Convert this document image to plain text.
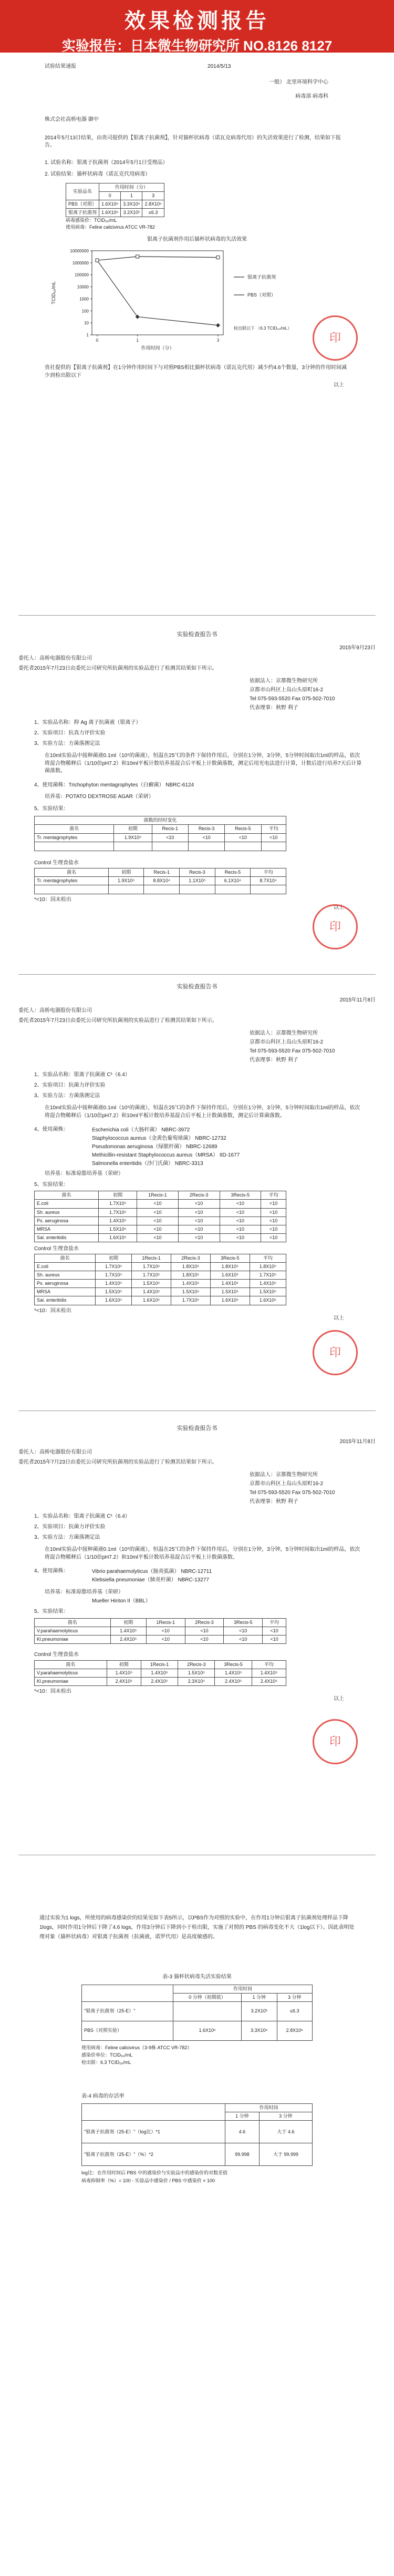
效果检测报告
实验报告：日本微生物研究所 NO.8126 8127
试验结果速报	2014/5/13
一般） 北里环境科学中心
病毒部 病毒科

株式会社高桥电器 御中

2014年5月13日结果，由贵司提供的【银离子抗菌剂】，针对猫杯状病毒（诺瓦克病毒代用）的失活效果进行了检测，结果如下报告。

1. 试验名称：银离子抗菌剂（2014年5月1日受理品）

2. 试验结果：猫杯状病毒（诺瓦克代用病毒）

实验品名	作用时间（分）		
	0	1	3
PBS（对照）	1.6X10⁶	3.3X10⁶	2.8X10⁶
银离子抗菌剂	1.6X10⁶	3.2X10¹	≤6.3

病毒感染价：TCID₅₀/mL

使用病毒：Feline calicivirus ATCC VR-782

银离子抗菌剂作用后猫杯状病毒的失活效果

1
10
100
1000
10000
100000
1000000
10000000
0	1	3
作用时间（分）
TCID₅₀/mL
银离子抗菌剂
PBS（对照）
检出限以下 （6.3 TCID₅₀/mL）

贵社提供的【银离子抗菌剂】在1分钟作用时间下与对照PBS相比猫杯状病毒（诺瓦克代用）减少约4.6个数量，3分钟的作用时间减少到检出限以下

以上

印

实验检查报告书

2015年9月23日

委托人：高桥电器股份有限公司

委托者2015年7月23日由委托公司研究所抗菌剂的实验品进行了检测其结果如下所示。

依据法人：京都微生物研究所

京都市山科区上岛山头原町16-2

Tel 075-593-5520 Fax 075-502-7010

代表理事：秋野 利子

1、实验品名称：抑 Ag 离子抗菌液（银离子）

2、实验项目：抗真力评价实验

3、实验方法：方菌落测定法

在10ml实验品中接种菌液0.1ml（10⁵的菌液），恒温在25℃的条件下保持作用后，分别在1分钟，3分钟，5分钟时间取出1ml的样品，依次将混合物稀释后（1/10倍pH7.2）和10ml平板计数培养基混合后平板上计数菌落数，测定后用光电法进行计算，计数后进行培养7天后计算菌落数。

4、使用菌株：Trichophyton mentagrophytes（白癣菌） NBRC-6124

培养基：POTATO DEXTROSE AGAR（荣研）

5、实验结果：

菌数的经时变化					
菌名	初期	Recis-1	Recis-3	Recis-5	平均
Tr. mentagrophytes	1.9X10⁵	<10	<10	<10	<10

Control 生理食盐水

菌名	初期	Recis-1	Recis-3	Recis-5	平均
Tr. mentagrophytes	1.9X10⁵	8.8X10⁴	1.1X10⁵	6.1X10⁴	8.7X10⁴

*<10：因未检出

以上

印

实验检查报告书

2015年11月8日

委托人：高桥电器股份有限公司

委托者2015年7月23日由委托公司研究所抗菌剂的实验品进行了检测其结果如下所示。

依据法人：京都微生物研究所

京都市山科区上岛山头原町16-2

Tel 075-593-5520 Fax 075-502-7010

代表理事：秋野 利子

1、实验品名称：银离子抗菌液 C¹（6.4）

2、实验项目：抗菌力评价实验

3、实验方法：方菌落测定法

在10ml实验品中接种菌液0.1ml（10⁵的菌液），恒温在25℃的条件下保持作用后，分别在1分钟，3分钟，5分钟时间取出1ml的样品，依次将混合物稀释后（1/10倍pH7.2）和10ml平板计数培养基混合后平板上计数菌落数，测定后计算菌落数。

4、使用菌株：	Escherichia coli（大肠杆菌） NBRC-3972

Staphylococcus aureus（金黄色葡萄球菌） NBRC-12732

Pseudomonas aeruginosa（绿脓杆菌） NBRC-12689

Methicillin-resistant Staphylococcus aureus（MRSA） IID-1677

Salmonella enteritidis（沙门氏菌） NBRC-3313

培养基：标准琼脂培养基（荣研）

5、实验结果：

菌名	初期	1Recis-1	2Recis-3	3Recis-5	平均
E.coli	1.7X10⁵	<10	<10	<10	<10
Sh. aureus	1.7X10⁵	<10	<10	<10	<10
Ps. aeruginosa	1.4X10⁵	<10	<10	<10	<10
MRSA	1.5X10⁵	<10	<10	<10	<10
Sal. enteritidis	1.6X10⁵	<10	<10	<10	<10

Control 生理食盐水

菌名	初期	1Recis-1	2Recis-3	3Recis-5	平均
E.coli	1.7X10⁵	1.7X10⁵	1.8X10⁵	1.8X10⁵	1.8X10⁵
Sh. aureus	1.7X10⁵	1.7X10⁵	1.8X10⁵	1.6X10⁵	1.7X10⁵
Ps. aeruginosa	1.4X10⁵	1.5X10⁵	1.4X10⁵	1.4X10⁵	1.4X10⁵
MRSA	1.5X10⁵	1.4X10⁵	1.5X10⁵	1.5X10⁵	1.5X10⁵
Sal. enteritidis	1.6X10⁵	1.6X10⁵	1.7X10⁵	1.6X10⁵	1.6X10⁵

*<10：因未检出

以上

印

实验检查报告书

2015年11月8日

委托人：高桥电器股份有限公司

委托者2015年7月23日由委托公司研究所抗菌剂的实验品进行了检测其结果如下所示。

依据法人：京都微生物研究所

京都市山科区上岛山头原町16-2

Tel 075-593-5520 Fax 075-502-7010

代表理事：秋野 利子

1、实验品名称：银离子抗菌液 C¹（6.4）

2、实验项目：抗菌力评价实验

3、实验方法：方菌落测定法

在10ml实验品中接种菌液0.1ml（10⁵的菌液），恒温在25℃的条件下保持作用后，分别在1分钟，3分钟，5分钟时间取出1ml的样品，依次将混合物稀释后（1/10倍pH7.2）和10ml平板计数培养基混合后平板上计数菌落数。

4、使用菌株：	Vibrio parahaemolyticus（肠炎弧菌） NBRC-12711

Klebsiella pneumoniae（肺炎杆菌） NBRC-13277

培养基：标准琼脂培养基（荣研）

Mueller Hinton II（BBL）

5、实验结果：

菌名	初期	1Recis-1	2Recis-3	3Recis-5	平均
V.parahaemolyticus	1.4X10⁵	<10	<10	<10	<10
Kl.pneumoniae	2.4X10⁵	<10	<10	<10	<10

Control 生理食盐水

菌名	初期	1Recis-1	2Recis-3	3Recis-5	平均
V.parahaemolyticus	1.4X10⁵	1.4X10⁵	1.5X10⁵	1.4X10⁵	1.4X10⁵
Kl.pneumoniae	2.4X10⁵	2.4X10⁵	2.3X10⁵	2.4X10⁵	2.4X10⁵

*<10：因未检出

以上

印

通过实验为1 logs，所使用的病毒感染价的结果见如下表5所示，以PBS作为对照的实验中，在作用1分钟后银离子抗菌剂处理样品下降1logs，同时作用1分钟后下降了4.6 logs，作用3分钟后下降到小于检出限，实施了对照的 PBS 的病毒变化不大（1log以下）。因此表明处理对象（猫杯状病毒）对银离子抗菌剂（抗菌液，诺罗代用）是高度敏感的。

表-3 猫杯状病毒失活实验结果

	作用时间		
	0 分钟（初期值）	1 分钟	3 分钟
"银离子抗菌剂（25-E）"		3.2X10¹	≤6.3
PBS（对照实验）	1.6X10⁶	3.3X10⁶	2.8X10⁶

使用病毒：Feline calicivirus（3-9株 ATCC VR-782）

感染价单位：TCID₅₀/mL

检出限：6.3 TCID₅₀/mL

表-4 病毒的存活率

	作用时间	
	1 分钟	3 分钟
"银离子抗菌剂（25-E）"（log比）*1	4.6	大于 4.6
"银离子抗菌剂（25-E）"（%）*2	99.998	大于 99.999

log比：在作用时间后 PBS 中的感染价与实验品中的感染价的对数差值

病毒抑制率（%）= 100 - 实验品中感染价 / PBS 中感染价 × 100
